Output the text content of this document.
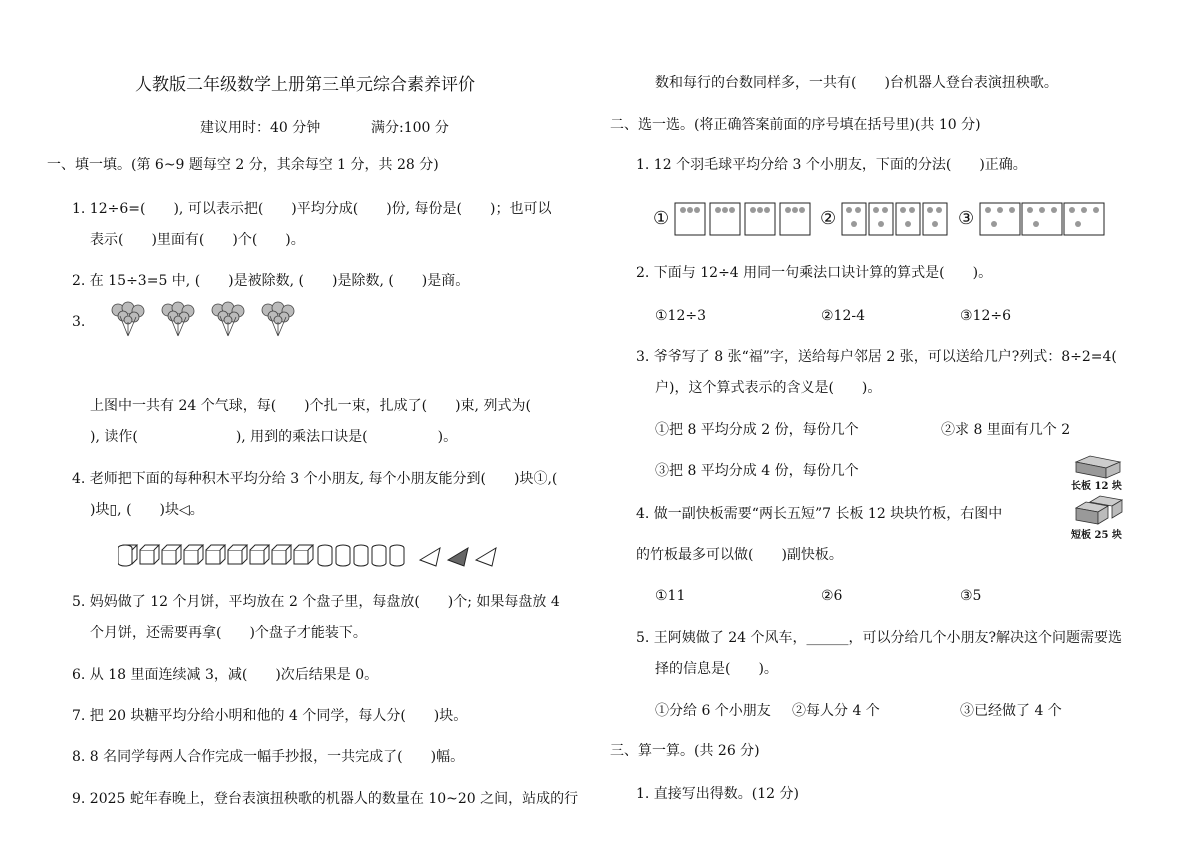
人教版二年级数学上册第三单元综合素养评价
建议用时：40 分钟	满分:100 分
一、填一填。(第 6~9 题每空 2 分，其余每空 1 分，共 28 分)
1. 12÷6=(　　), 可以表示把(　　)平均分成(　　)份, 每份是(　　)；也可以
表示(　　)里面有(　　)个(　　)。
2. 在 15÷3=5 中, (　　)是被除数, (　　)是除数, (　　)是商。
3.
上图中一共有 24 个气球，每(　　)个扎一束，扎成了(　　)束, 列式为(
), 读作(　　　　　　　), 用到的乘法口诀是(　　　　　)。
4. 老师把下面的每种积木平均分给 3 个小朋友, 每个小朋友能分到(　　)块①,(
)块▯, (　　)块◁。
5. 妈妈做了 12 个月饼，平均放在 2 个盘子里，每盘放(　　)个; 如果每盘放 4
个月饼，还需要再拿(　　)个盘子才能装下。
6. 从 18 里面连续减 3，减(　　)次后结果是 0。
7. 把 20 块糖平均分给小明和他的 4 个同学，每人分(　　)块。
8. 8 名同学每两人合作完成一幅手抄报，一共完成了(　　)幅。
9. 2025 蛇年春晚上，登台表演扭秧歌的机器人的数量在 10~20 之间，站成的行
数和每行的台数同样多，一共有(　　)台机器人登台表演扭秧歌。
二、选一选。(将正确答案前面的序号填在括号里)(共 10 分)
1. 12 个羽毛球平均分给 3 个小朋友，下面的分法(　　)正确。
①	②	③
2. 下面与 12÷4 用同一句乘法口诀计算的算式是(　　)。
①12÷3	②12-4	③12÷6
3. 爷爷写了 8 张“福”字，送给每户邻居 2 张，可以送给几户?列式：8÷2=4(
户)，这个算式表示的含义是(　　)。
①把 8 平均分成 2 份，每份几个	②求 8 里面有几个 2
③把 8 平均分成 4 份，每份几个
4. 做一副快板需要“两长五短”7 长板 12 块块竹板，右图中
的竹板最多可以做(　　)副快板。
长板 12 块
短板 25 块
①11	②6	③5
5. 王阿姨做了 24 个风车，______，可以分给几个小朋友?解决这个问题需要选
择的信息是(　　)。
①分给 6 个小朋友 ②每人分 4 个	③已经做了 4 个
三、算一算。(共 26 分)
1. 直接写出得数。(12 分)
